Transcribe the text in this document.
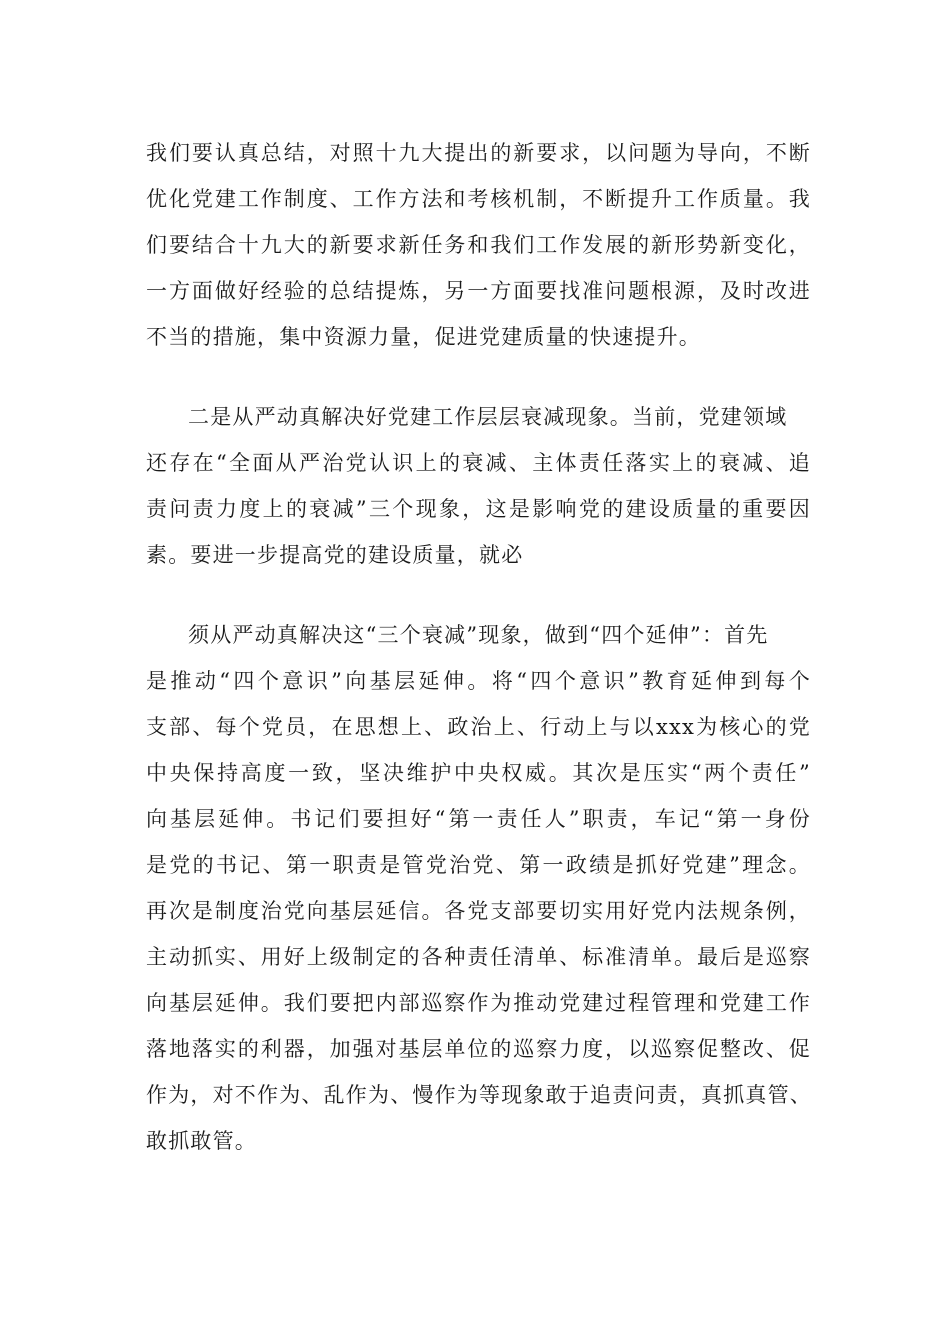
我们要认真总结，对照十九大提出的新要求，以问题为导向，不断
优化党建工作制度、工作方法和考核机制，不断提升工作质量。我
们要结合十九大的新要求新任务和我们工作发展的新形势新变化，
一方面做好经验的总结提炼，另一方面要找准问题根源，及时改进
不当的措施，集中资源力量，促进党建质量的快速提升。
二是从严动真解决好党建工作层层衰减现象。当前，党建领域
还存在“全面从严治党认识上的衰减、主体责任落实上的衰减、追
责问责力度上的衰减”三个现象，这是影响党的建设质量的重要因
素。要进一步提高党的建设质量，就必
须从严动真解决这“三个衰减”现象，做到“四个延伸”：首先
是推动“四个意识”向基层延伸。将“四个意识”教育延伸到每个
支部、每个党员，在思想上、政治上、行动上与以xxx为核心的党
中央保持高度一致，坚决维护中央权威。其次是压实“两个责任”
向基层延伸。书记们要担好“第一责任人”职责，车记“第一身份
是党的书记、第一职责是管党治党、第一政绩是抓好党建”理念。
再次是制度治党向基层延信。各党支部要切实用好党内法规条例，
主动抓实、用好上级制定的各种责任清单、标准清单。最后是巡察
向基层延伸。我们要把内部巡察作为推动党建过程管理和党建工作
落地落实的利器，加强对基层单位的巡察力度，以巡察促整改、促
作为，对不作为、乱作为、慢作为等现象敢于追责问责，真抓真管、
敢抓敢管。
